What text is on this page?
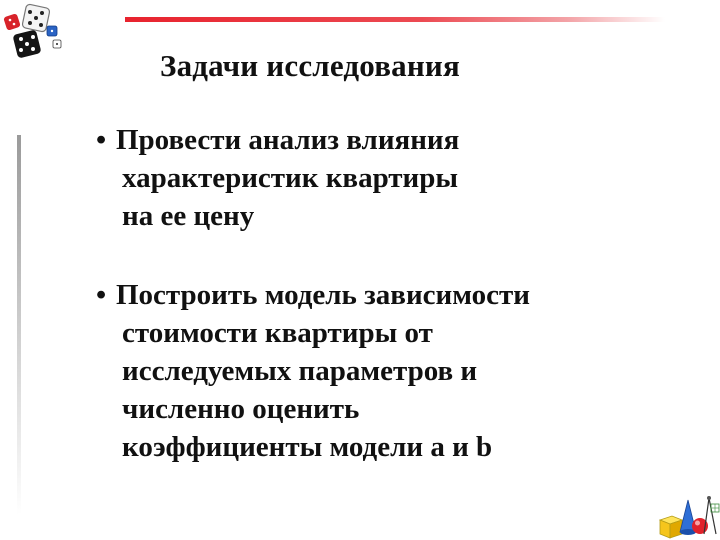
Задачи исследования
• Провести анализ влияния
характеристик квартиры
на ее цену
• Построить модель зависимости
стоимости квартиры от
исследуемых параметров и
численно оценить
коэффициенты модели a и b
